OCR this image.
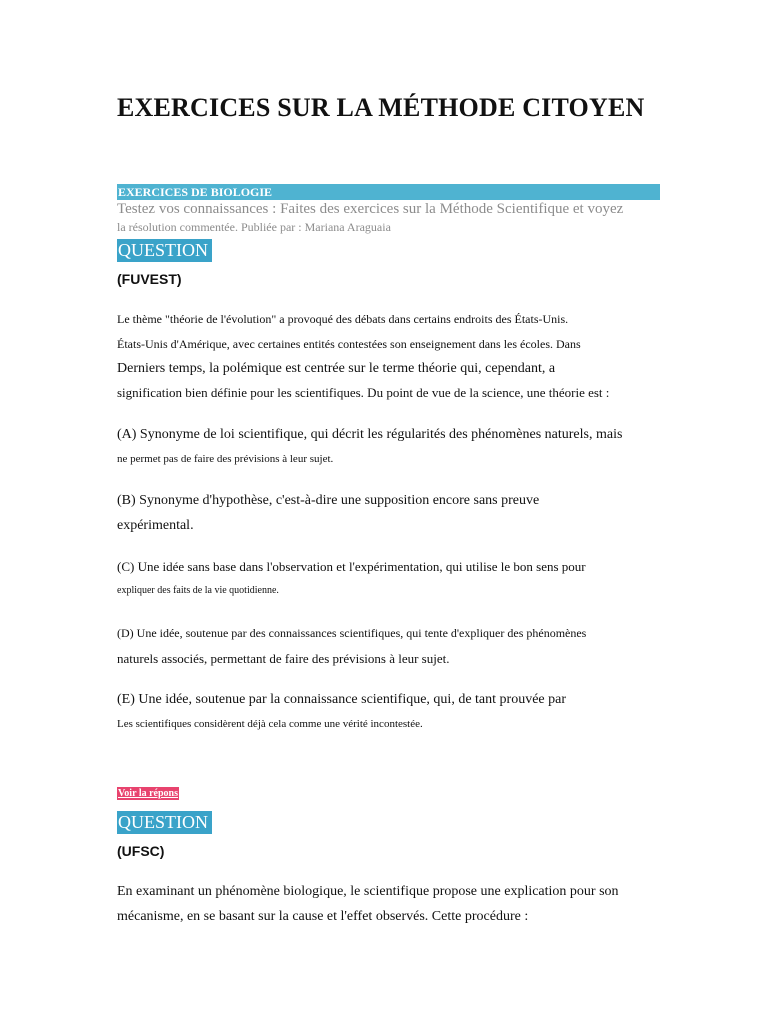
EXERCICES SUR LA MÉTHODE CITOYEN
EXERCICES DE BIOLOGIE
Testez vos connaissances : Faites des exercices sur la Méthode Scientifique et voyez
la résolution commentée. Publiée par : Mariana Araguaia
QUESTION
(FUVEST)
Le thème "théorie de l'évolution" a provoqué des débats dans certains endroits des États-Unis.
États-Unis d'Amérique, avec certaines entités contestées son enseignement dans les écoles. Dans
Derniers temps, la polémique est centrée sur le terme théorie qui, cependant, a
signification bien définie pour les scientifiques. Du point de vue de la science, une théorie est :
(A) Synonyme de loi scientifique, qui décrit les régularités des phénomènes naturels, mais
ne permet pas de faire des prévisions à leur sujet.
(B) Synonyme d'hypothèse, c'est-à-dire une supposition encore sans preuve
expérimental.
(C) Une idée sans base dans l'observation et l'expérimentation, qui utilise le bon sens pour
expliquer des faits de la vie quotidienne.
(D) Une idée, soutenue par des connaissances scientifiques, qui tente d'expliquer des phénomènes
naturels associés, permettant de faire des prévisions à leur sujet.
(E) Une idée, soutenue par la connaissance scientifique, qui, de tant prouvée par
Les scientifiques considèrent déjà cela comme une vérité incontestée.
Voir la répons
QUESTION
(UFSC)
En examinant un phénomène biologique, le scientifique propose une explication pour son
mécanisme, en se basant sur la cause et l'effet observés. Cette procédure :
